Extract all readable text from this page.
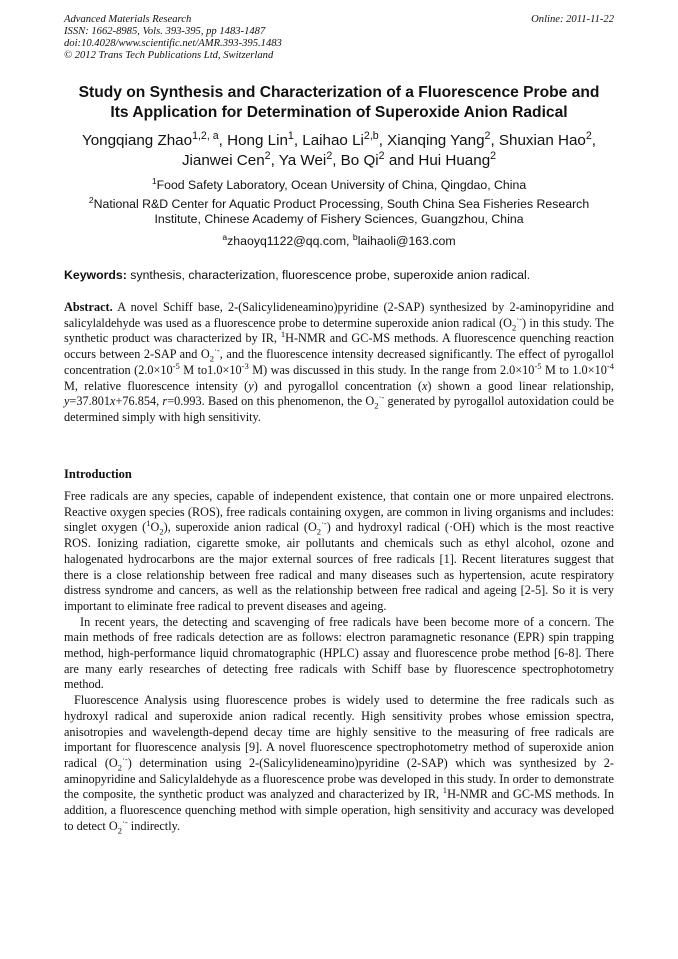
Advanced Materials Research
ISSN: 1662-8985, Vols. 393-395, pp 1483-1487
doi:10.4028/www.scientific.net/AMR.393-395.1483
© 2012 Trans Tech Publications Ltd, Switzerland
Online: 2011-11-22
Study on Synthesis and Characterization of a Fluorescence Probe and
Its Application for Determination of Superoxide Anion Radical
Yongqiang Zhao$^{1,2, a}$, Hong Lin$^1$, Laihao Li$^{2,b}$, Xianqing Yang$^2$, Shuxian Hao$^2$,
Jianwei Cen$^2$, Ya Wei$^2$, Bo Qi$^2$ and Hui Huang$^2$
$^1$Food Safety Laboratory, Ocean University of China, Qingdao, China
$^2$National R&D Center for Aquatic Product Processing, South China Sea Fisheries Research
Institute, Chinese Academy of Fishery Sciences, Guangzhou, China
$^a$zhaoyq1122@qq.com, $^b$laihaoli@163.com
Keywords: synthesis, characterization, fluorescence probe, superoxide anion radical.
Abstract. A novel Schiff base, 2-(Salicylideneamino)pyridine (2-SAP) synthesized by 2-aminopyridine and salicylaldehyde was used as a fluorescence probe to determine superoxide anion radical $(O_2^{\cdot-})$ in this study. The synthetic product was characterized by IR, $^1$H-NMR and GC-MS methods. A fluorescence quenching reaction occurs between 2-SAP and $O_2^{\cdot-}$, and the fluorescence intensity decreased significantly. The effect of pyrogallol concentration ($2.0\times 10^{-5}$ M $to1.0\times 10^{-3}$ M) was discussed in this study. In the range from $2.0\times 10^{-5}$ M to $1.0\times 10^{-4}$ M, relative fluorescence intensity (y) and pyrogallol concentration (x) shown a good linear relationship, y=37.801x+76.854, r=0.993. Based on this phenomenon, the $O_2^{\cdot-}$ generated by pyrogallol autoxidation could be determined simply with high sensitivity.
Introduction

Free radicals are any species, capable of independent existence, that contain one or more unpaired electrons. Reactive oxygen species (ROS), free radicals containing oxygen, are common in living organisms and includes: singlet oxygen $(^1O_2)$, superoxide anion radical $(O_2^{\cdot-})$ and hydroxyl radical (·OH) which is the most reactive ROS. Ionizing radiation, cigarette smoke, air pollutants and chemicals such as ethyl alcohol, ozone and halogenated hydrocarbons are the major external sources of free radicals [1]. Recent literatures suggest that there is a close relationship between free radical and many diseases such as hypertension, acute respiratory distress syndrome and cancers, as well as the relationship between free radical and ageing [2-5]. So it is very important to eliminate free radical to prevent diseases and ageing.

In recent years, the detecting and scavenging of free radicals have been become more of a concern. The main methods of free radicals detection are as follows: electron paramagnetic resonance (EPR) spin trapping method, high-performance liquid chromatographic (HPLC) assay and fluorescence probe method [6-8]. There are many early researches of detecting free radicals with Schiff base by fluorescence spectrophotometry method.

Fluorescence Analysis using fluorescence probes is widely used to determine the free radicals such as hydroxyl radical and superoxide anion radical recently. High sensitivity probes whose emission spectra, anisotropies and wavelength-depend decay time are highly sensitive to the measuring of free radicals are important for fluorescence analysis [9]. A novel fluorescence spectrophotometry method of superoxide anion radical $(O_2^{\cdot-})$ determination using 2-(Salicylideneamino)pyridine (2-SAP) which was synthesized by 2-aminopyridine and Salicylaldehyde as a fluorescence probe was developed in this study. In order to demonstrate the composite, the synthetic product was analyzed and characterized by IR, $^1$H-NMR and GC-MS methods. In addition, a fluorescence quenching method with simple operation, high sensitivity and accuracy was developed to detect $O_2^{\cdot-}$ indirectly.
